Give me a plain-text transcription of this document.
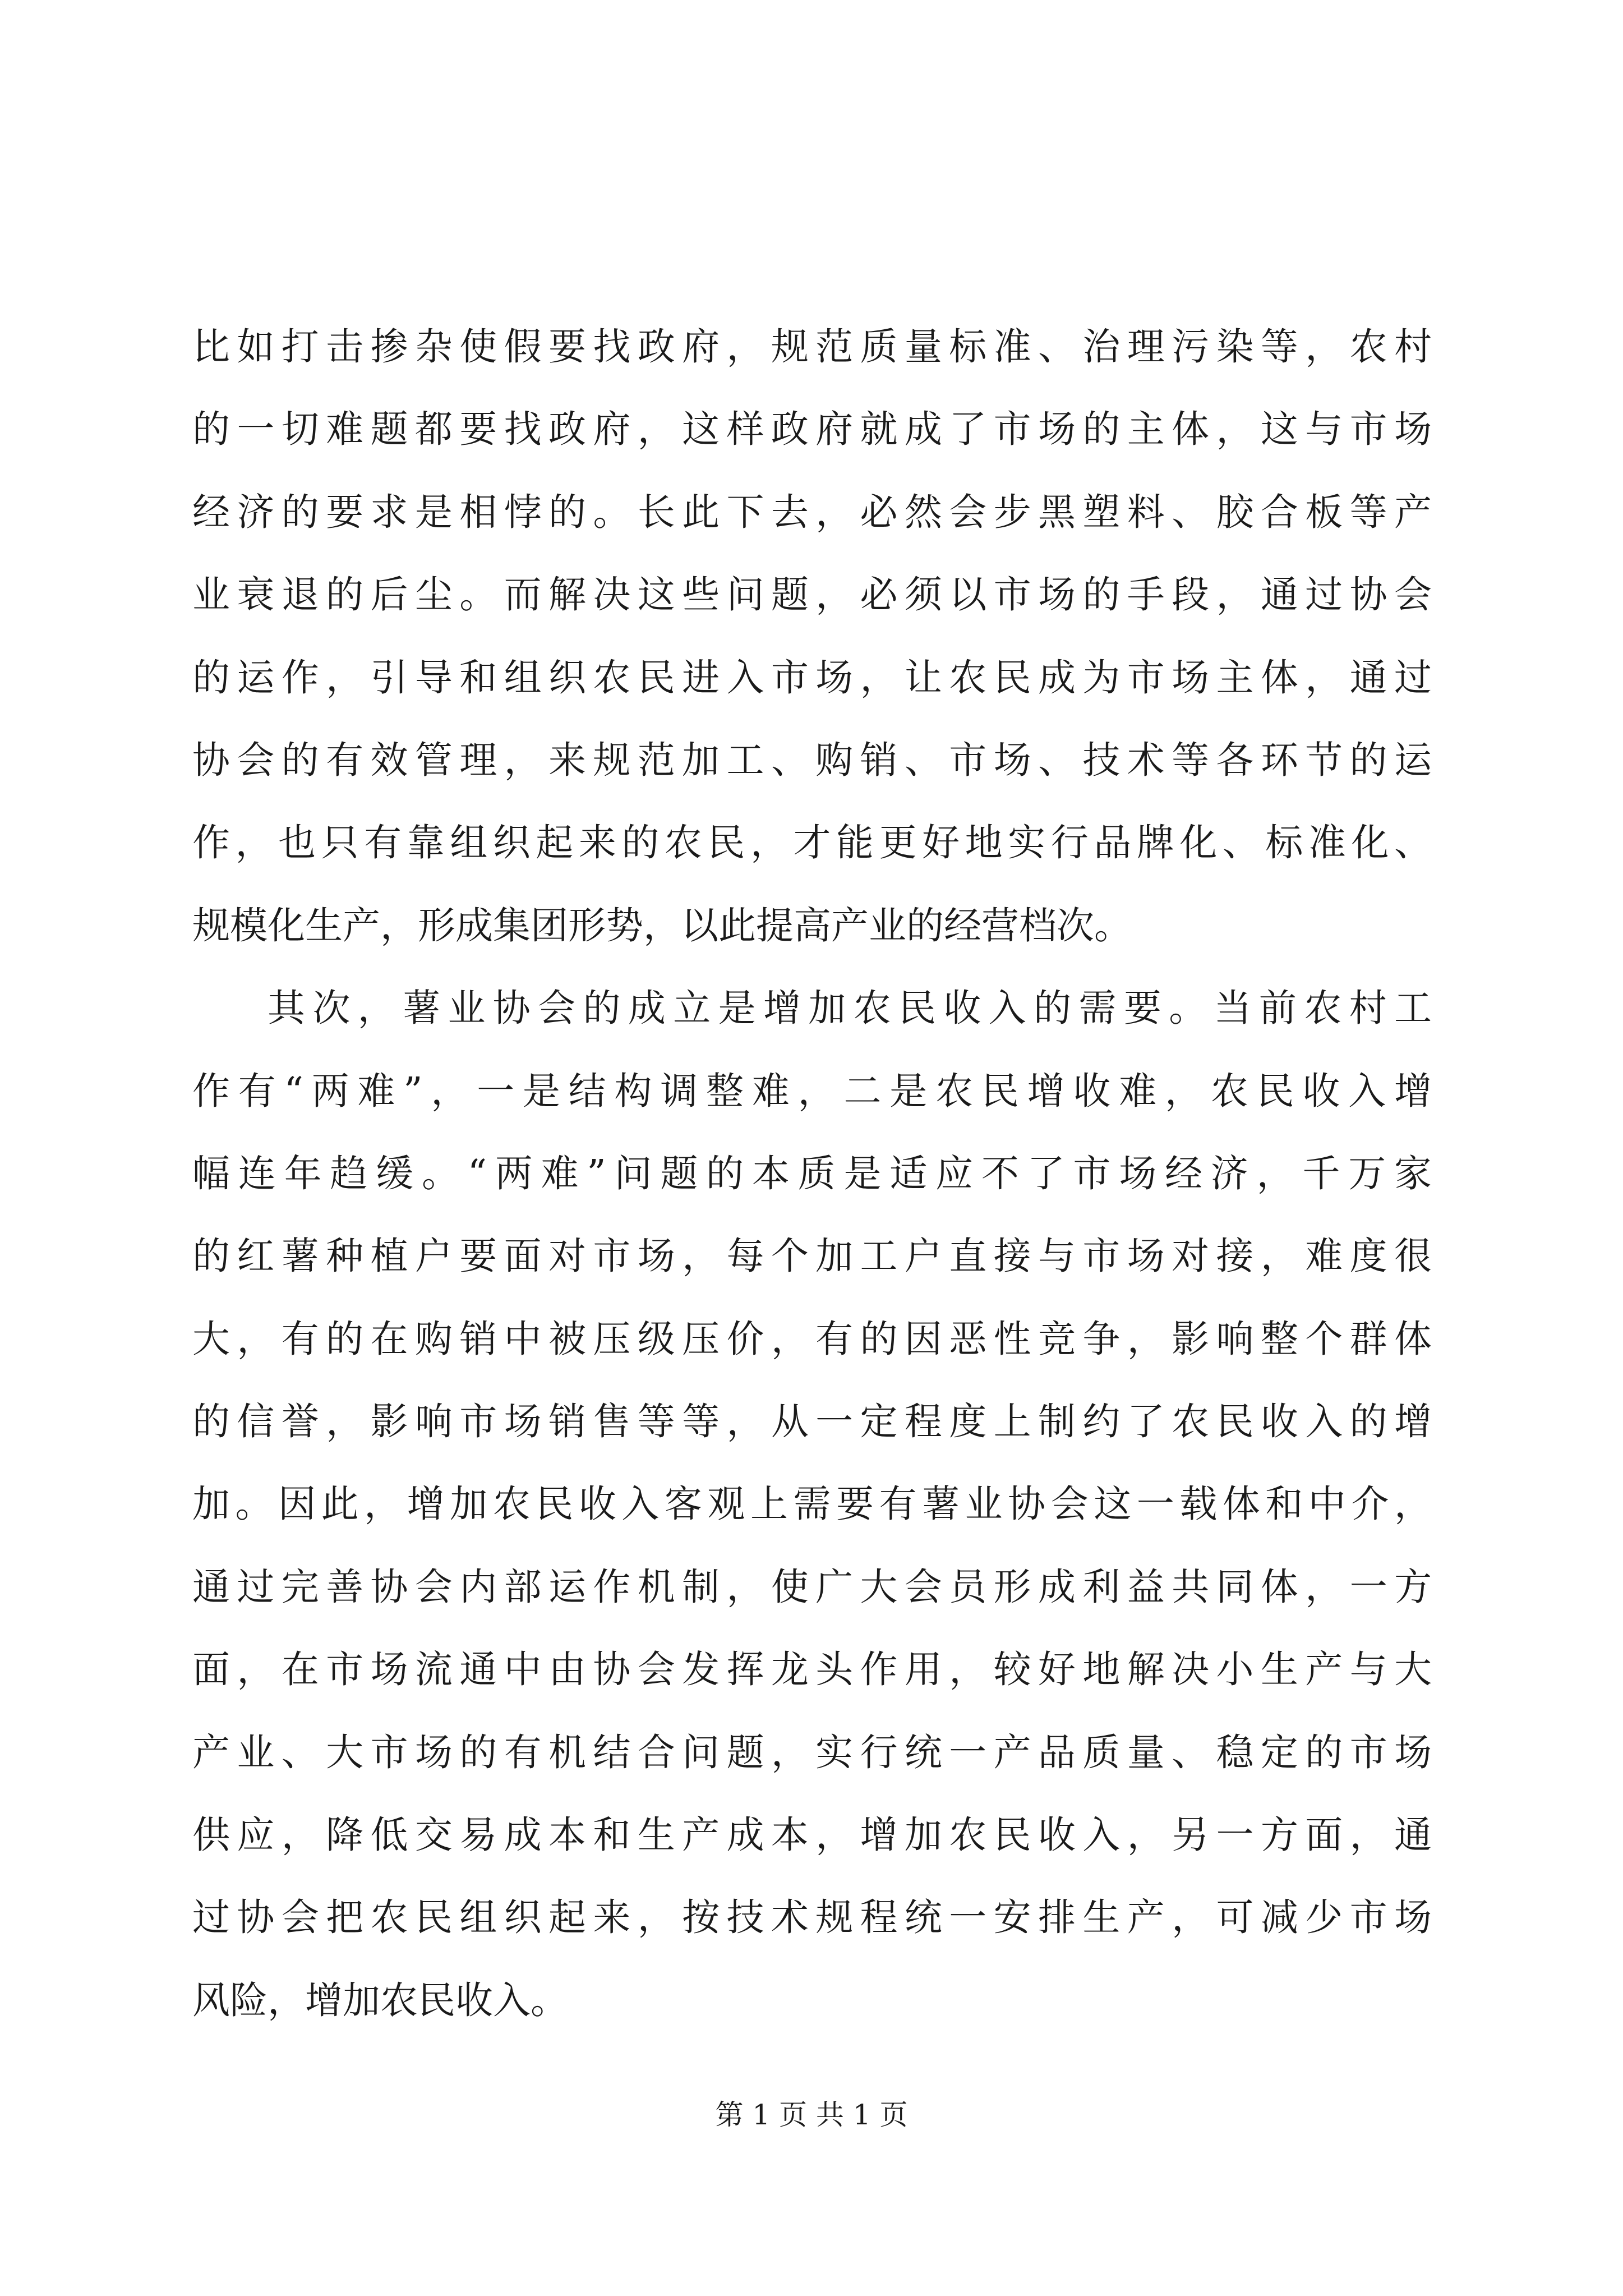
比如打击掺杂使假要找政府，规范质量标准、治理污染等，农村
的一切难题都要找政府，这样政府就成了市场的主体，这与市场
经济的要求是相悖的。长此下去，必然会步黑塑料、胶合板等产
业衰退的后尘。而解决这些问题，必须以市场的手段，通过协会
的运作，引导和组织农民进入市场，让农民成为市场主体，通过
协会的有效管理，来规范加工、购销、市场、技术等各环节的运
作，也只有靠组织起来的农民，才能更好地实行品牌化、标准化、
规模化生产，形成集团形势，以此提高产业的经营档次。
其次，薯业协会的成立是增加农民收入的需要。当前农村工
作有“两难”，一是结构调整难，二是农民增收难，农民收入增
幅连年趋缓。“两难”问题的本质是适应不了市场经济，千万家
的红薯种植户要面对市场，每个加工户直接与市场对接，难度很
大，有的在购销中被压级压价，有的因恶性竞争，影响整个群体
的信誉，影响市场销售等等，从一定程度上制约了农民收入的增
加。因此，增加农民收入客观上需要有薯业协会这一载体和中介，
通过完善协会内部运作机制，使广大会员形成利益共同体，一方
面，在市场流通中由协会发挥龙头作用，较好地解决小生产与大
产业、大市场的有机结合问题，实行统一产品质量、稳定的市场
供应，降低交易成本和生产成本，增加农民收入，另一方面，通
过协会把农民组织起来，按技术规程统一安排生产，可减少市场
风险，增加农民收入。
第 1 页 共 1 页
